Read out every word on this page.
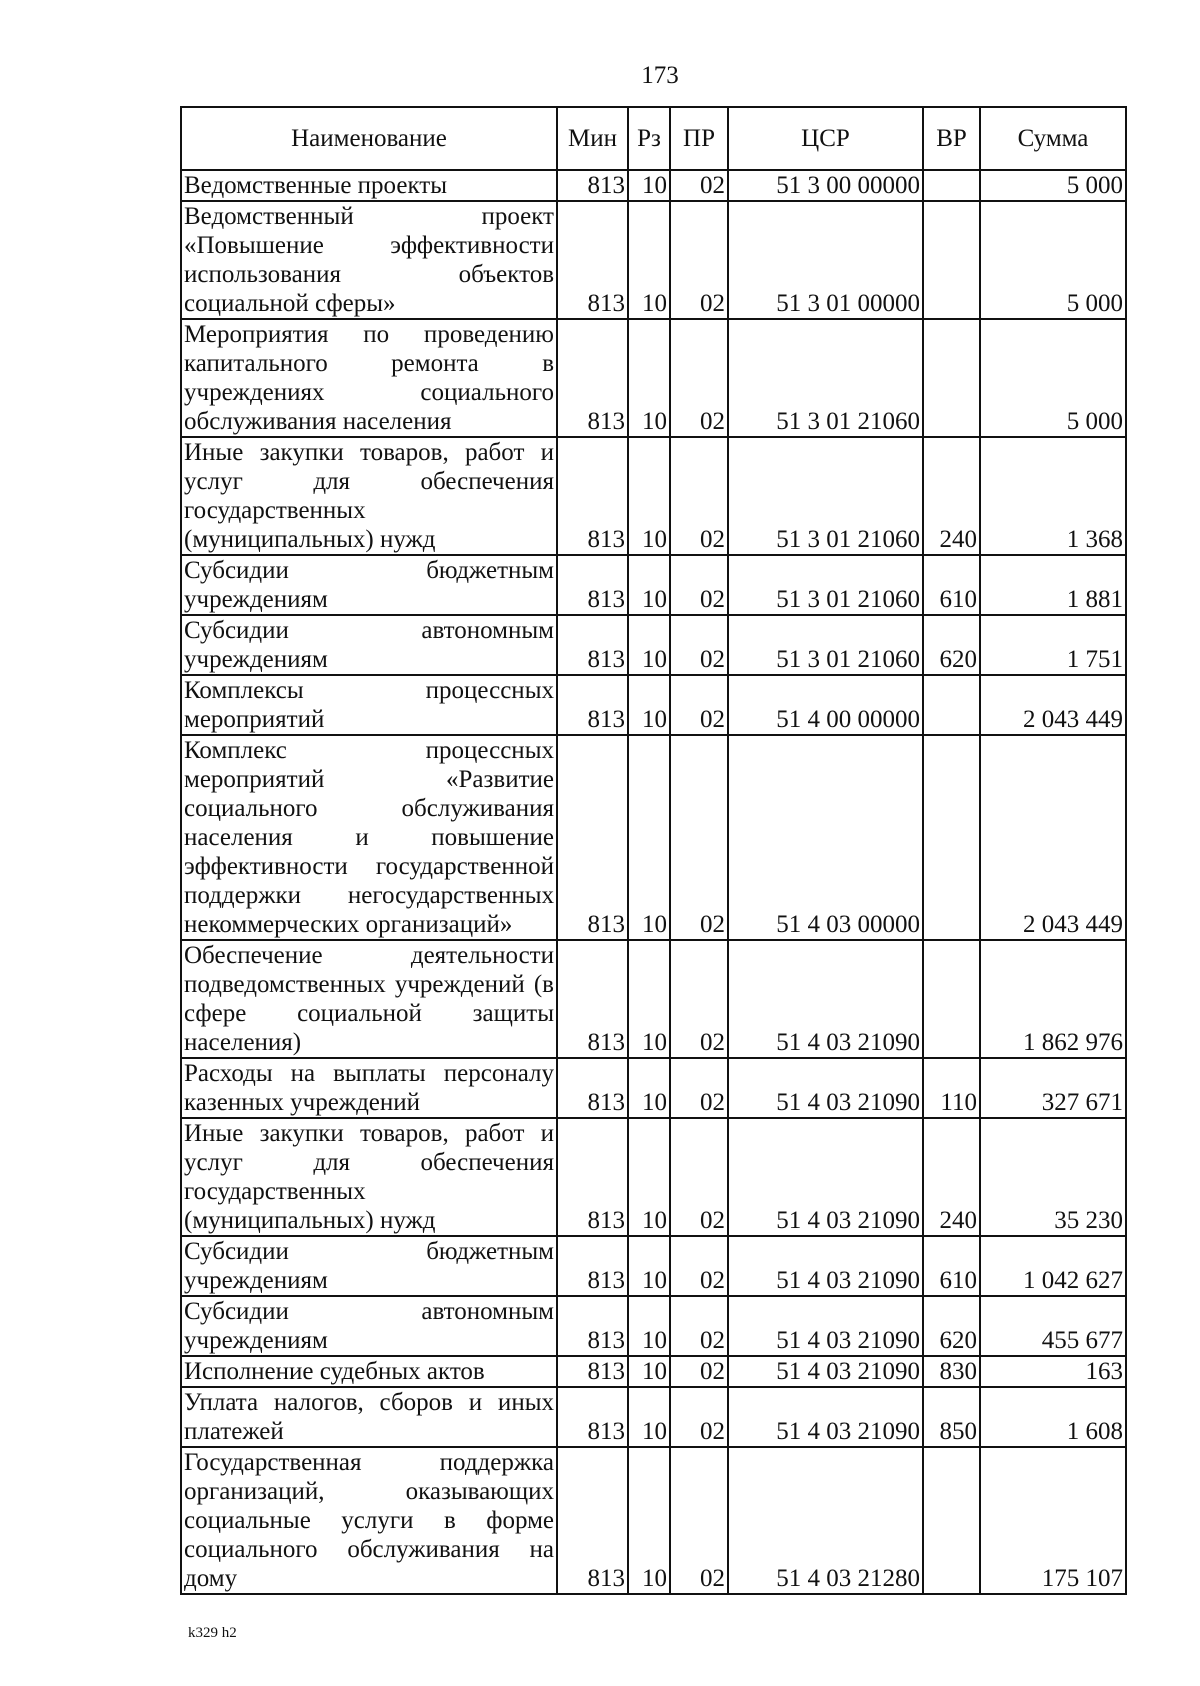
173
Наименование	Мин	Рз	ПР	ЦСР	ВР	Сумма
Ведомственные проекты	813	10	02	51 3 00 00000		5 000
Ведомственный проект «Повышение эффективности использования объектов социальной сферы»	813	10	02	51 3 01 00000		5 000
Мероприятия по проведению капитального ремонта в учреждениях социального обслуживания населения	813	10	02	51 3 01 21060		5 000
Иные закупки товаров, работ и услуг для обеспечения государственных (муниципальных) нужд	813	10	02	51 3 01 21060	240	1 368
Субсидии бюджетным учреждениям	813	10	02	51 3 01 21060	610	1 881
Субсидии автономным учреждениям	813	10	02	51 3 01 21060	620	1 751
Комплексы процессных мероприятий	813	10	02	51 4 00 00000		2 043 449
Комплекс процессных мероприятий «Развитие социального обслуживания населения и повышение эффективности государственной поддержки негосударственных некоммерческих организаций»	813	10	02	51 4 03 00000		2 043 449
Обеспечение деятельности подведомственных учреждений (в сфере социальной защиты населения)	813	10	02	51 4 03 21090		1 862 976
Расходы на выплаты персоналу казенных учреждений	813	10	02	51 4 03 21090	110	327 671
Иные закупки товаров, работ и услуг для обеспечения государственных (муниципальных) нужд	813	10	02	51 4 03 21090	240	35 230
Субсидии бюджетным учреждениям	813	10	02	51 4 03 21090	610	1 042 627
Субсидии автономным учреждениям	813	10	02	51 4 03 21090	620	455 677
Исполнение судебных актов	813	10	02	51 4 03 21090	830	163
Уплата налогов, сборов и иных платежей	813	10	02	51 4 03 21090	850	1 608
Государственная поддержка организаций, оказывающих социальные услуги в форме социального обслуживания на дому	813	10	02	51 4 03 21280		175 107
k329 h2
